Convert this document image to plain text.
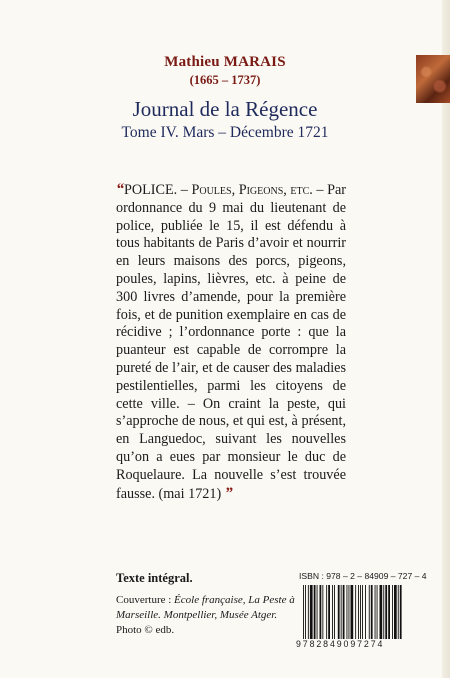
Mathieu MARAIS
(1665 – 1737)
Journal de la Régence
Tome IV. Mars – Décembre 1721
“POLICE. – Poules, Pigeons, etc. – Par ordonnance du 9 mai du lieutenant de police, publiée le 15, il est défendu à tous habitants de Paris d’avoir et nourrir en leurs maisons des porcs, pigeons, poules, lapins, lièvres, etc. à peine de 300 livres d’amende, pour la première fois, et de punition exemplaire en cas de récidive ; l’ordonnance porte : que la puanteur est capable de corrompre la pureté de l’air, et de causer des maladies pestilentielles, parmi les citoyens de cette ville. – On craint la peste, qui s’approche de nous, et qui est, à présent, en Languedoc, suivant les nouvelles qu’on a eues par monsieur le duc de Roquelaure. La nouvelle s’est trouvée fausse. (mai 1721) ”
Texte intégral.
Couverture : École française, La Peste à Marseille. Montpellier, Musée Atger. Photo © edb.
ISBN : 978 – 2 – 84909 – 727 – 4
9782849097274
